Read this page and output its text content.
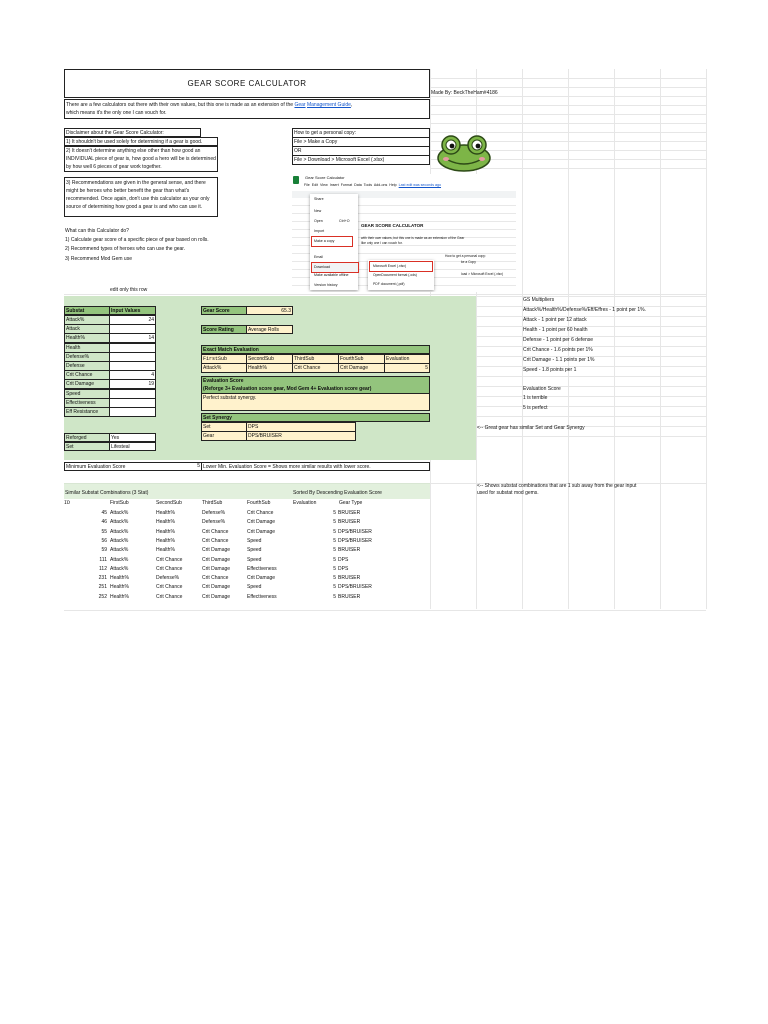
GEAR SCORE CALCULATOR
Made By: BeckTheHam#4186
There are a few calculators out there with their own values, but this one is made as an extension of the Gear Management Guide, which means it's the only one I can vouch for.
Disclaimer about the Gear Score Calculator:
1) It shouldn't be used solely for determining if a gear is good.
2) It doesn't determine anything else other than how good an
INDIVIDUAL piece of gear is, how good a hero will be is determined
by how well 6 pieces of gear work together.
3) Recommendations are given in the general sense, and there
might be heroes who better benefit the gear than what's
recommended. Once again, don't use this calculator as your only
source of determining how good a gear is and who can use it.
How to get a personal copy:
File > Make a Copy
OR
File > Download > Microsoft Excel (.xlsx)
Gear Score Calculator
File Edit View Insert Format Data Tools Add-ons Help Last edit was seconds ago
GEAR SCORE CALCULATOR
with their own values, but this one is made as an extension of the Gear
like only one I can vouch for.
How to get a personal copy:
ke a Copy
load > Microsoft Excel (.xlsx)
Share
New
Open	Ctrl+O
Import
Make a copy
Email
Download
Make available offline
Version history
Microsoft Excel (.xlsx)
OpenDocument format (.ods)
PDF document (.pdf)
What can this Calculator do?
1) Calculate gear score of a specific piece of gear based on rolls.
2) Recommend types of heroes who can use the gear.
3) Recommend Mod Gem use
edit only this row
Substat	Input Values
Attack%	24
Attack
Health%	14
Health
Defense%
Defense
Crit Chance	4
Crit Damage	19
Speed
Effectiveness
Eff Resistance
Reforged	Yes
Set	Lifesteal
Gear Score	65.3
Score Rating	Average Rolls
Exact Match Evaluation
FirstSub	SecondSub	ThirdSub	FourthSub	Evaluation
Attack%	Health%	Crit Chance	Crit Damage	5
Evaluation Score
(Reforge 3+ Evaluation score gear, Mod Gem 4+ Evaluation score gear)
Perfect substat synergy.
Set Synergy
Set	DPS
Gear	DPS/BRUISER
GS Multipliers
Attack%/Health%/Defense%/Eff/Effres - 1 point per 1%.
Attack - 1 point per 12 attack
Health - 1 point per 60 health
Defense - 1 point per 6 defense
Crit Chance - 1.6 points per 1%
Crit Damage - 1.1 points per 1%
Speed - 1.8 points per 1
Evaluation Score
1 is terrible
5 is perfect
<-- Great gear has similar Set and Gear Synergy
Minimum Evaluation Score	5 Lower Min. Evaluation Score = Shows more similar results with lower score.
Similar Substat Combinations (3 Stat)	Sorted By Descending Evaluation Score
<-- Shows substat combinations that are 1 sub away from the gear input
used for substat mod gems.
ID	FirstSub	SecondSub	ThirdSub	FourthSub	Evaluation	Gear Type
45 Attack%	Health%	Defense%	Crit Chance	5 BRUISER
46 Attack%	Health%	Defense%	Crit Damage	5 BRUISER
55 Attack%	Health%	Crit Chance	Crit Damage	5 DPS/BRUISER
56 Attack%	Health%	Crit Chance	Speed	5 DPS/BRUISER
59 Attack%	Health%	Crit Damage	Speed	5 BRUISER
111 Attack%	Crit Chance	Crit Damage	Speed	5 DPS
112 Attack%	Crit Chance	Crit Damage	Effectiveness	5 DPS
231 Health%	Defense%	Crit Chance	Crit Damage	5 BRUISER
251 Health%	Crit Chance	Crit Damage	Speed	5 DPS/BRUISER
252 Health%	Crit Chance	Crit Damage	Effectiveness	5 BRUISER
